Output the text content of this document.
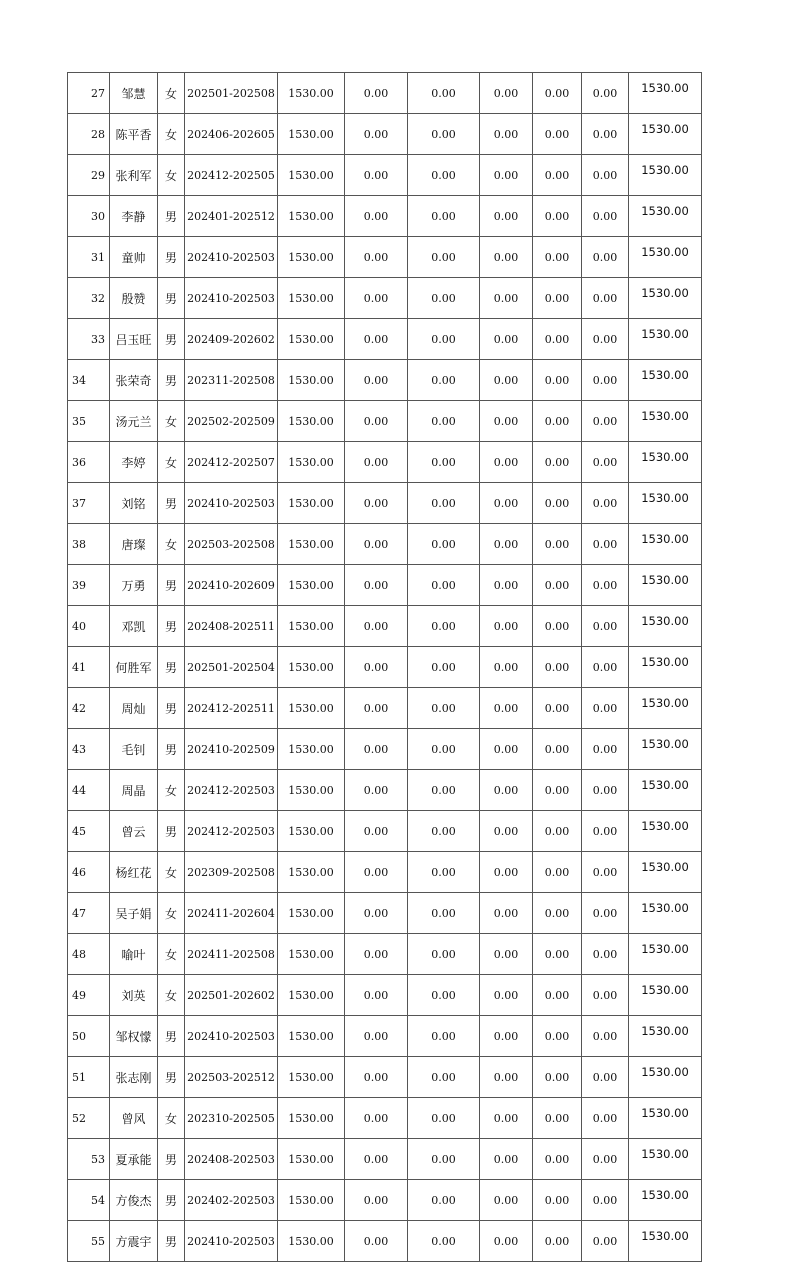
27	邹慧	女	202501-202508	1530.00	0.00	0.00	0.00	0.00	0.00	1530.00
28	陈平香	女	202406-202605	1530.00	0.00	0.00	0.00	0.00	0.00	1530.00
29	张利军	女	202412-202505	1530.00	0.00	0.00	0.00	0.00	0.00	1530.00
30	李静	男	202401-202512	1530.00	0.00	0.00	0.00	0.00	0.00	1530.00
31	童帅	男	202410-202503	1530.00	0.00	0.00	0.00	0.00	0.00	1530.00
32	殷赞	男	202410-202503	1530.00	0.00	0.00	0.00	0.00	0.00	1530.00
33	吕玉旺	男	202409-202602	1530.00	0.00	0.00	0.00	0.00	0.00	1530.00
34	张荣奇	男	202311-202508	1530.00	0.00	0.00	0.00	0.00	0.00	1530.00
35	汤元兰	女	202502-202509	1530.00	0.00	0.00	0.00	0.00	0.00	1530.00
36	李婷	女	202412-202507	1530.00	0.00	0.00	0.00	0.00	0.00	1530.00
37	刘铭	男	202410-202503	1530.00	0.00	0.00	0.00	0.00	0.00	1530.00
38	唐璨	女	202503-202508	1530.00	0.00	0.00	0.00	0.00	0.00	1530.00
39	万勇	男	202410-202609	1530.00	0.00	0.00	0.00	0.00	0.00	1530.00
40	邓凯	男	202408-202511	1530.00	0.00	0.00	0.00	0.00	0.00	1530.00
41	何胜军	男	202501-202504	1530.00	0.00	0.00	0.00	0.00	0.00	1530.00
42	周灿	男	202412-202511	1530.00	0.00	0.00	0.00	0.00	0.00	1530.00
43	毛钊	男	202410-202509	1530.00	0.00	0.00	0.00	0.00	0.00	1530.00
44	周晶	女	202412-202503	1530.00	0.00	0.00	0.00	0.00	0.00	1530.00
45	曾云	男	202412-202503	1530.00	0.00	0.00	0.00	0.00	0.00	1530.00
46	杨红花	女	202309-202508	1530.00	0.00	0.00	0.00	0.00	0.00	1530.00
47	吴子娟	女	202411-202604	1530.00	0.00	0.00	0.00	0.00	0.00	1530.00
48	喻叶	女	202411-202508	1530.00	0.00	0.00	0.00	0.00	0.00	1530.00
49	刘英	女	202501-202602	1530.00	0.00	0.00	0.00	0.00	0.00	1530.00
50	邹权懞	男	202410-202503	1530.00	0.00	0.00	0.00	0.00	0.00	1530.00
51	张志刚	男	202503-202512	1530.00	0.00	0.00	0.00	0.00	0.00	1530.00
52	曾风	女	202310-202505	1530.00	0.00	0.00	0.00	0.00	0.00	1530.00
53	夏承能	男	202408-202503	1530.00	0.00	0.00	0.00	0.00	0.00	1530.00
54	方俊杰	男	202402-202503	1530.00	0.00	0.00	0.00	0.00	0.00	1530.00
55	方震宇	男	202410-202503	1530.00	0.00	0.00	0.00	0.00	0.00	1530.00
